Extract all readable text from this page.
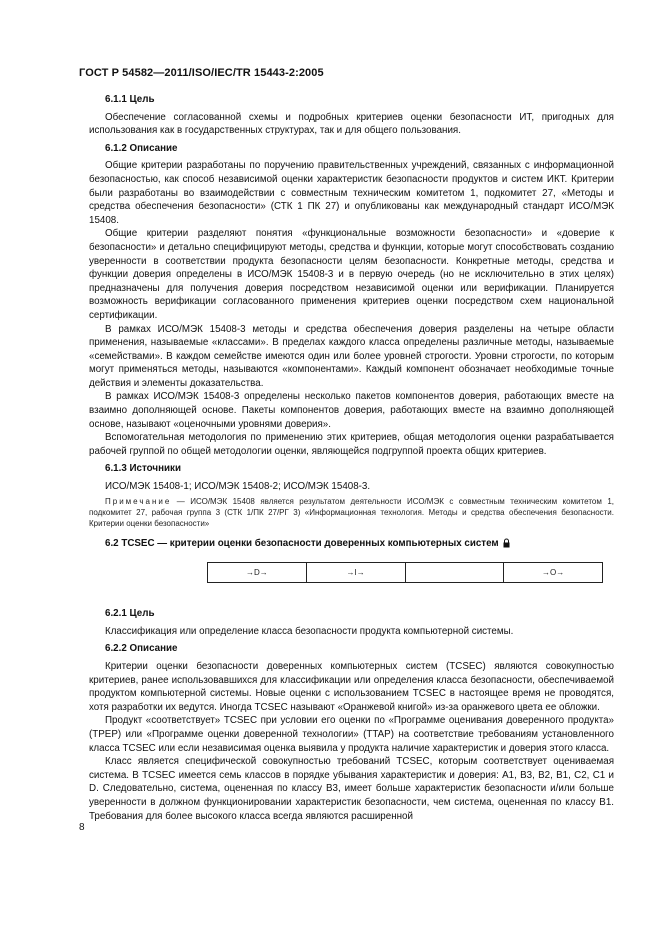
ГОСТ Р 54582—2011/ISO/IEC/TR 15443-2:2005
6.1.1 Цель

Обеспечение согласованной схемы и подробных критериев оценки безопасности ИТ, пригодных для использования как в государственных структурах, так и для общего пользования.

6.1.2 Описание

Общие критерии разработаны по поручению правительственных учреждений, связанных с информационной безопасностью, как способ независимой оценки характеристик безопасности продуктов и систем ИКТ. Критерии были разработаны во взаимодействии с совместным техническим комитетом 1, подкомитет 27, «Методы и средства обеспечения безопасности» (СТК 1 ПК 27) и опубликованы как международный стандарт ИСО/МЭК 15408.

Общие критерии разделяют понятия «функциональные возможности безопасности» и «доверие к безопасности» и детально специфицируют методы, средства и функции, которые могут способствовать созданию уверенности в соответствии продукта безопасности целям безопасности. Конкретные методы, средства и функции доверия определены в ИСО/МЭК 15408-3 и в первую очередь (но не исключительно в этих целях) предназначены для получения доверия посредством независимой оценки или верификации. Планируется возможность верификации согласованного применения критериев оценки посредством схем национальной сертификации.

В рамках ИСО/МЭК 15408-3 методы и средства обеспечения доверия разделены на четыре области применения, называемые «классами». В пределах каждого класса определены различные методы, называемые «семействами». В каждом семействе имеются один или более уровней строгости. Уровни строгости, по которым могут применяться методы, называются «компонентами». Каждый компонент обозначает необходимые точные действия и элементы доказательства.

В рамках ИСО/МЭК 15408-3 определены несколько пакетов компонентов доверия, работающих вместе на взаимно дополняющей основе. Пакеты компонентов доверия, работающих вместе на взаимно дополняющей основе, называют «оценочными уровнями доверия».

Вспомогательная методология по применению этих критериев, общая методология оценки разрабатывается рабочей группой по общей методологии оценки, являющейся подгруппой проекта общих критериев.

6.1.3 Источники

ИСО/МЭК 15408-1; ИСО/МЭК 15408-2; ИСО/МЭК 15408-3.

Примечание — ИСО/МЭК 15408 является результатом деятельности ИСО/МЭК с совместным техническим комитетом 1, подкомитет 27, рабочая группа 3 (СТК 1/ПК 27/РГ 3) «Информационная технология. Методы и средства обеспечения безопасности. Критерии оценки безопасности»

6.2 TCSEC — критерии оценки безопасности доверенных компьютерных систем
→D→	→I→	→O→
6.2.1 Цель

Классификация или определение класса безопасности продукта компьютерной системы.

6.2.2 Описание

Критерии оценки безопасности доверенных компьютерных систем (TCSEC) являются совокупностью критериев, ранее использовавшихся для классификации или определения класса безопасности, обеспечиваемой продуктом компьютерной системы. Новые оценки с использованием TCSEC в настоящее время не проводятся, хотя разработки их ведутся. Иногда TCSEC называют «Оранжевой книгой» из-за оранжевого цвета ее обложки.

Продукт «соответствует» TCSEC при условии его оценки по «Программе оценивания доверенного продукта» (TPEP) или «Программе оценки доверенной технологии» (TTAP) на соответствие требованиям установленного класса TCSEC или если независимая оценка выявила у продукта наличие характеристик и доверия этого класса.

Класс является специфической совокупностью требований TCSEC, которым соответствует оцениваемая система. В TCSEC имеется семь классов в порядке убывания характеристик и доверия: A1, B3, B2, B1, C2, C1 и D. Следовательно, система, оцененная по классу B3, имеет больше характеристик безопасности и/или больше уверенности в должном функционировании характеристик безопасности, чем система, оцененная по классу B1. Требования для более высокого класса всегда являются расширенной

8
